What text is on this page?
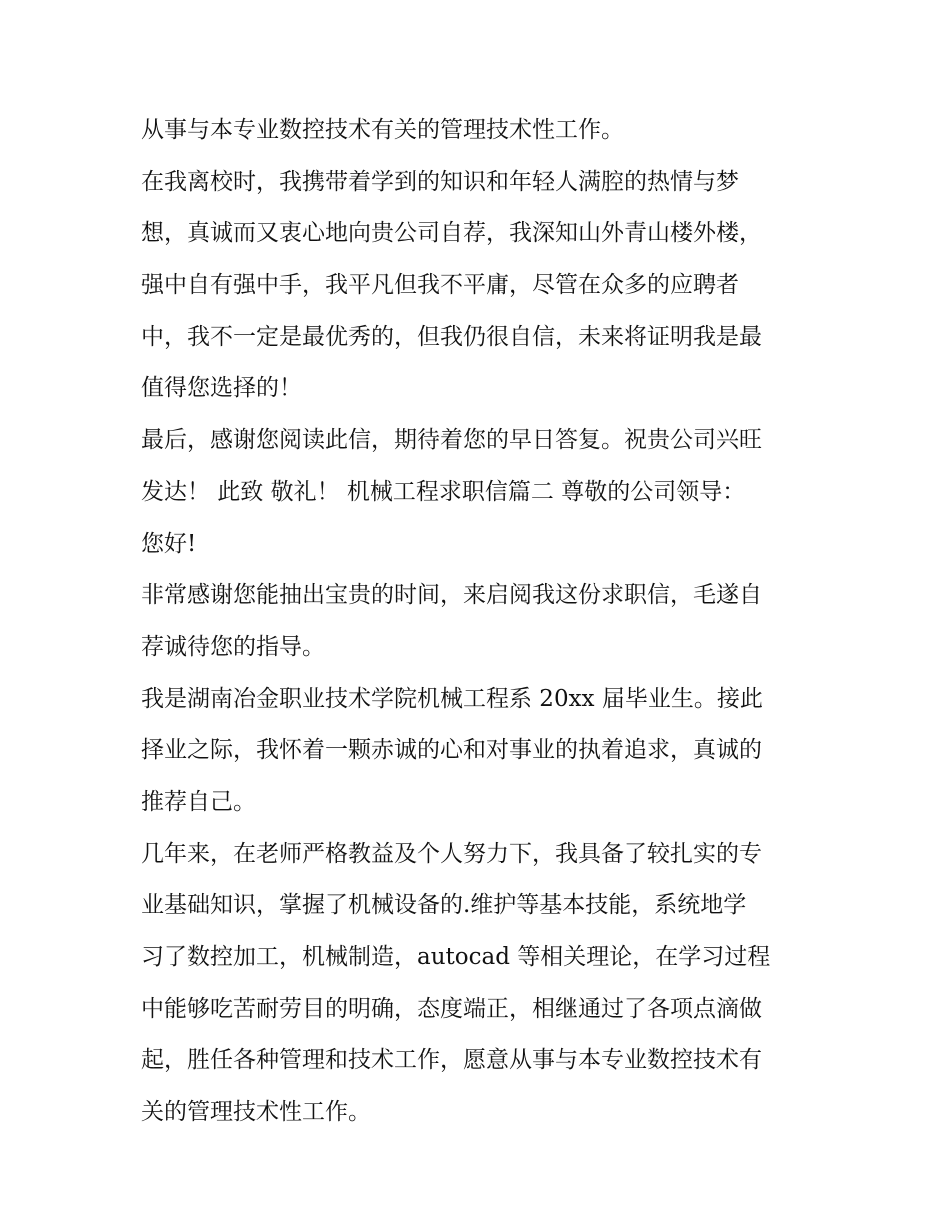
从事与本专业数控技术有关的管理技术性工作。
在我离校时，我携带着学到的知识和年轻人满腔的热情与梦
想，真诚而又衷心地向贵公司自荐，我深知山外青山楼外楼，
强中自有强中手，我平凡但我不平庸，尽管在众多的应聘者
中，我不一定是最优秀的，但我仍很自信，未来将证明我是最
值得您选择的！
最后，感谢您阅读此信，期待着您的早日答复。祝贵公司兴旺
发达！ 此致 敬礼！ 机械工程求职信篇二 尊敬的公司领导：
您好!
非常感谢您能抽出宝贵的时间，来启阅我这份求职信，毛遂自
荐诚待您的指导。
我是湖南冶金职业技术学院机械工程系 20xx 届毕业生。接此
择业之际，我怀着一颗赤诚的心和对事业的执着追求，真诚的
推荐自己。
几年来，在老师严格教益及个人努力下，我具备了较扎实的专
业基础知识，掌握了机械设备的.维护等基本技能，系统地学
习了数控加工，机械制造，autocad 等相关理论，在学习过程
中能够吃苦耐劳目的明确，态度端正，相继通过了各项点滴做
起，胜任各种管理和技术工作，愿意从事与本专业数控技术有
关的管理技术性工作。
